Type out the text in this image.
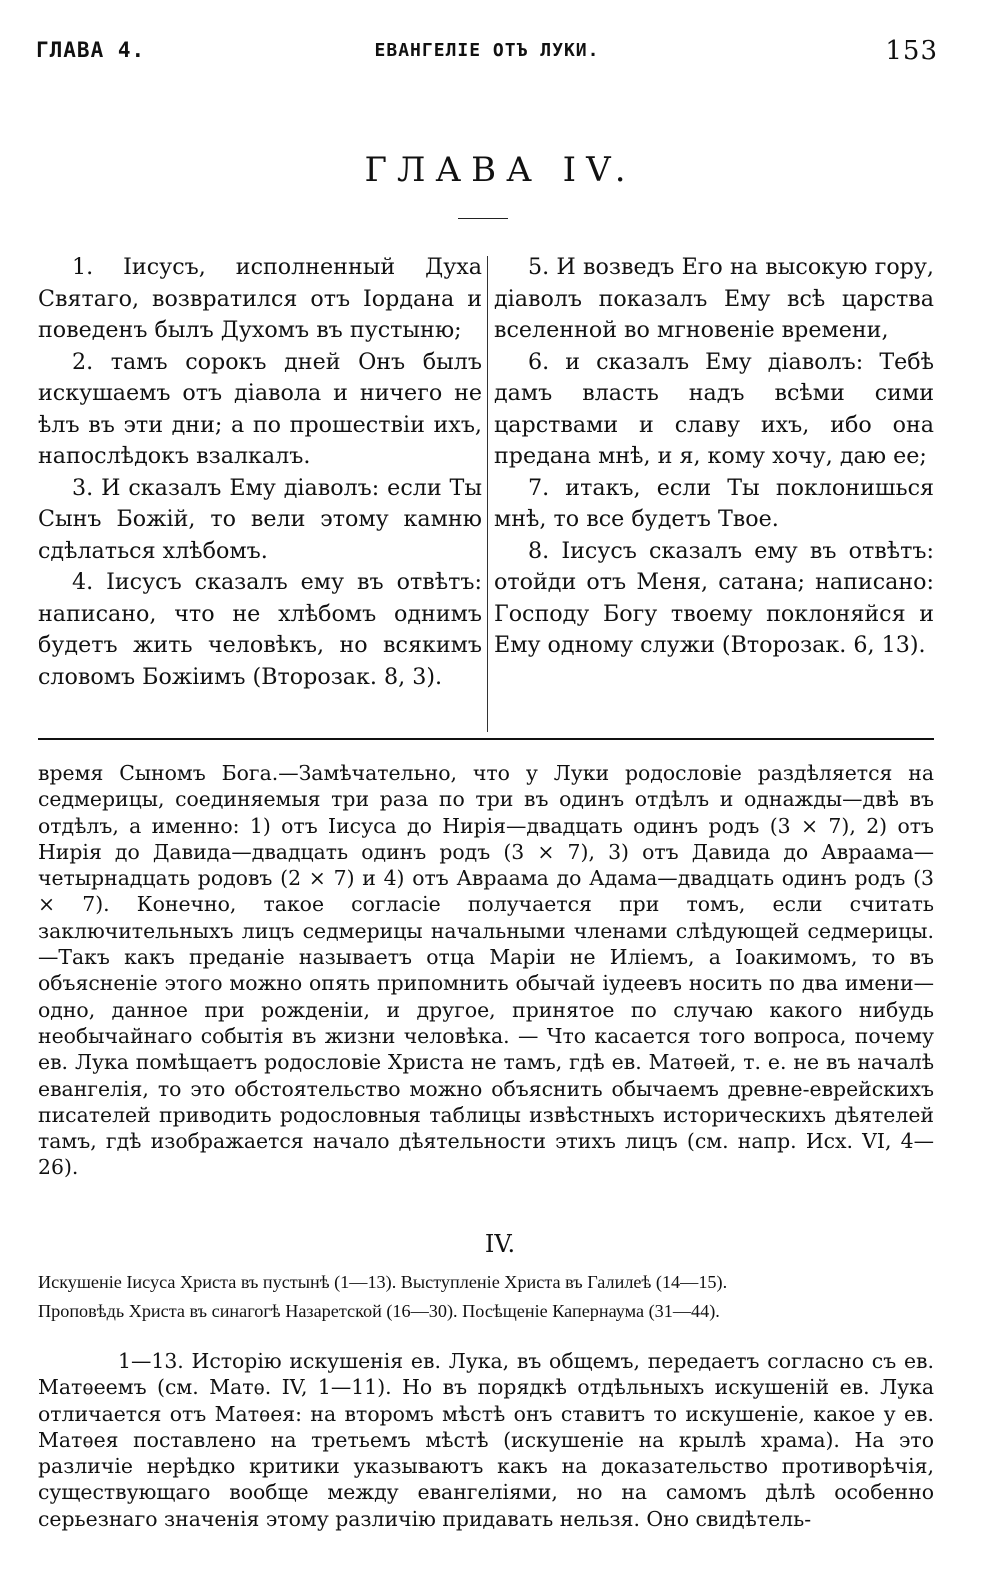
ГЛАВА 4.	ЕВАНГЕЛІЕ ОТЪ ЛУКИ.	153
ГЛАВА IV.

1. Іисусъ, исполненный Духа Святаго, возвратился отъ Іордана и поведенъ былъ Духомъ въ пустыню;

2. тамъ сорокъ дней Онъ былъ искушаемъ отъ діавола и ничего не ѣлъ въ эти дни; а по прошествіи ихъ, напослѣдокъ взалкалъ.

3. И сказалъ Ему діаволъ: если Ты Сынъ Божій, то вели этому камню сдѣлаться хлѣбомъ.

4. Іисусъ сказалъ ему въ отвѣтъ: написано, что не хлѣбомъ однимъ будетъ жить человѣкъ, но всякимъ словомъ Божіимъ (Второзак. 8, 3).

5. И возведъ Его на высокую гору, діаволъ показалъ Ему всѣ царства вселенной во мгновеніе времени,

6. и сказалъ Ему діаволъ: Тебѣ дамъ власть надъ всѣми сими царствами и славу ихъ, ибо она предана мнѣ, и я, кому хочу, даю ее;

7. итакъ, если Ты поклонишься мнѣ, то все будетъ Твое.

8. Іисусъ сказалъ ему въ отвѣтъ: отойди отъ Меня, сатана; написано: Господу Богу твоему поклоняйся и Ему одному служи (Второзак. 6, 13).

время Сыномъ Бога.—Замѣчательно, что у Луки родословіе раздѣляется на седмерицы, соединяемыя три раза по три въ одинъ отдѣлъ и однажды—двѣ въ отдѣлъ, а именно: 1) отъ Іисуса до Нирія—двадцать одинъ родъ (3 × 7), 2) отъ Нирія до Давида—двадцать одинъ родъ (3 × 7), 3) отъ Давида до Авраама—четырнадцать родовъ (2 × 7) и 4) отъ Авраама до Адама—двадцать одинъ родъ (3 × 7). Конечно, такое согласіе получается при томъ, если считать заключительныхъ лицъ седмерицы начальными членами слѣдующей седмерицы.—Такъ какъ преданіе называетъ отца Маріи не Иліемъ, а Іоакимомъ, то въ объясненіе этого можно опять припомнить обычай іудеевъ носить по два имени—одно, данное при рожденіи, и другое, принятое по случаю какого нибудь необычайнаго событія въ жизни человѣка. — Что касается того вопроса, почему ев. Лука помѣщаетъ родословіе Христа не тамъ, гдѣ ев. Матѳей, т. е. не въ началѣ евангелія, то это обстоятельство можно объяснить обычаемъ древне-еврейскихъ писателей приводить родословныя таблицы извѣстныхъ историческихъ дѣятелей тамъ, гдѣ изображается начало дѣятельности этихъ лицъ (см. напр. Исх. VI, 4—26).

IV.

Искушеніе Іисуса Христа въ пустынѣ (1—13). Выступленіе Христа въ Галилеѣ (14—15).

Проповѣдь Христа въ синагогѣ Назаретской (16—30). Посѣщеніе Капернаума (31—44).

1—13. Исторію искушенія ев. Лука, въ общемъ, передаетъ согласно съ ев. Матѳеемъ (см. Матѳ. IV, 1—11). Но въ порядкѣ отдѣльныхъ искушеній ев. Лука отличается отъ Матѳея: на второмъ мѣстѣ онъ ставитъ то искушеніе, какое у ев. Матѳея поставлено на третьемъ мѣстѣ (искушеніе на крылѣ храма). На это различіе нерѣдко критики указываютъ какъ на доказательство противорѣчія, существующаго вообще между евангеліями, но на самомъ дѣлѣ особенно серьезнаго значенія этому различію придавать нельзя. Оно свидѣтель-
